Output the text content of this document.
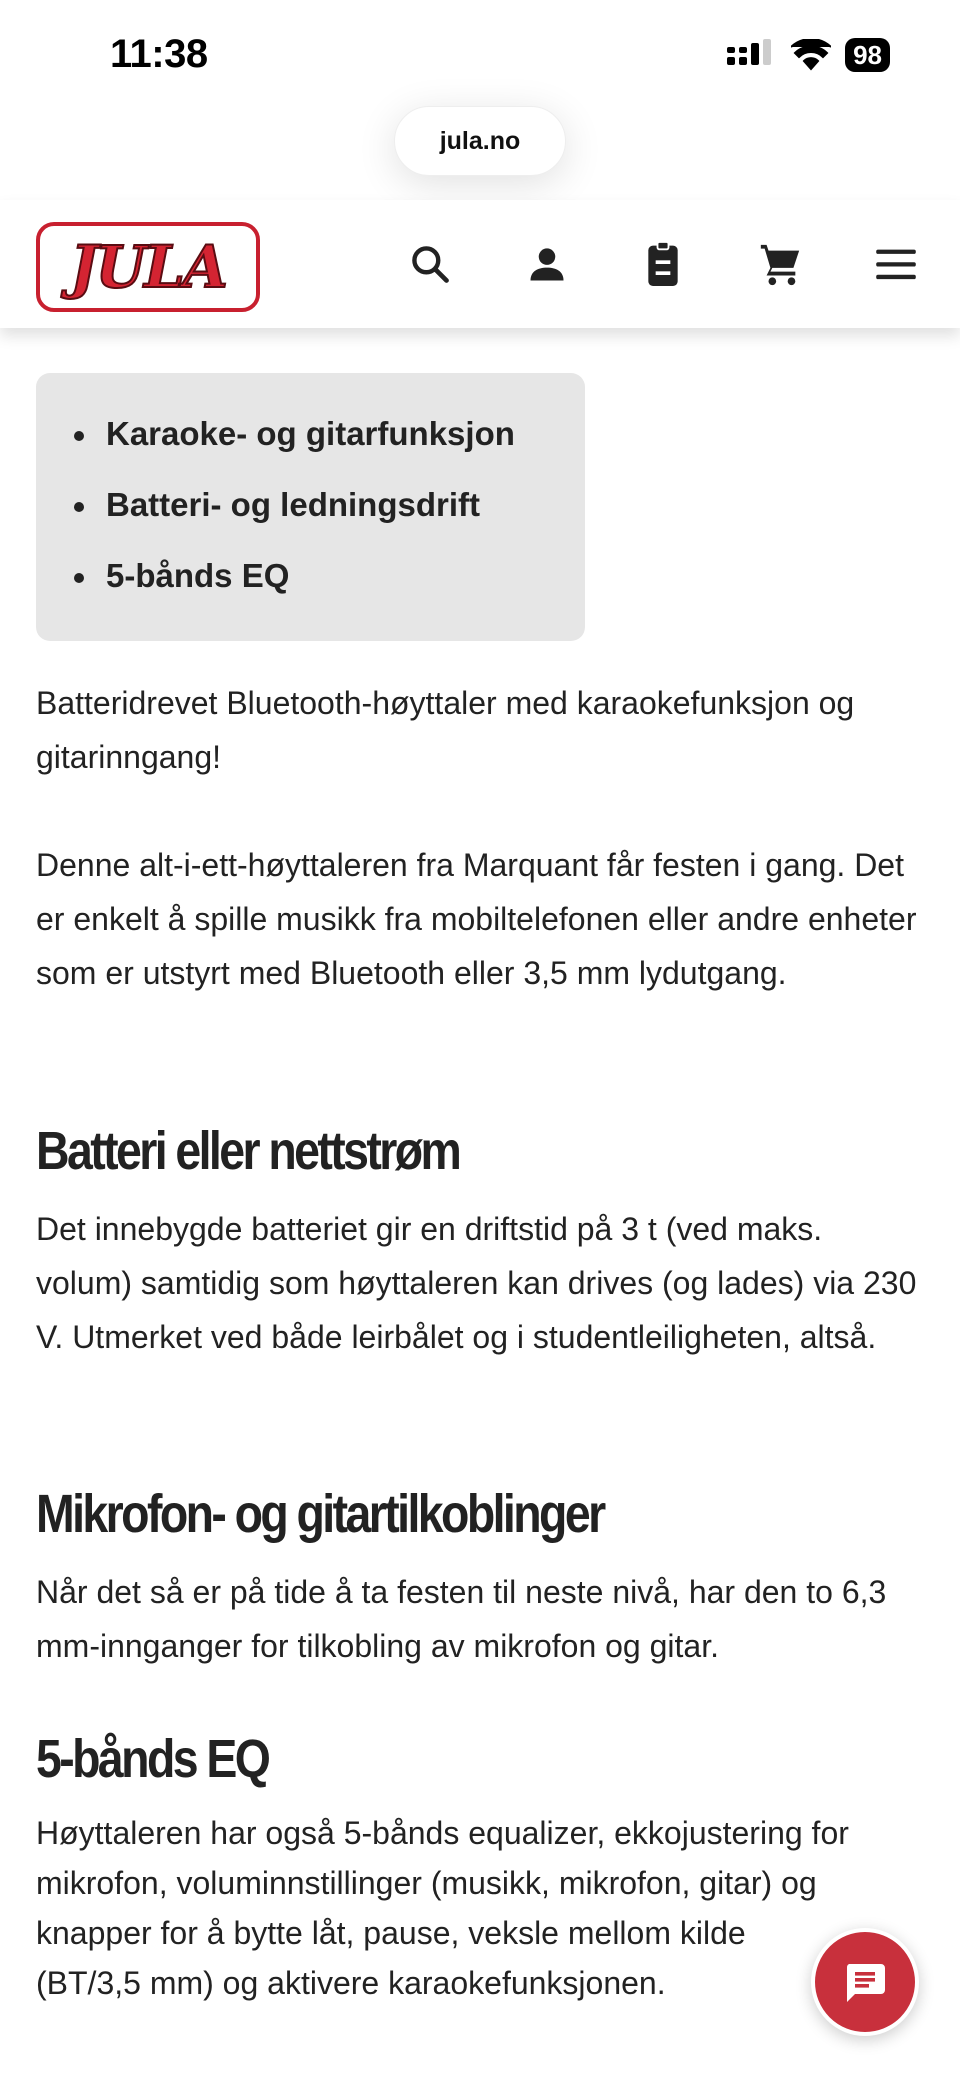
11:38	98
jula.no
JULA
Karaoke- og gitarfunksjon
Batteri- og ledningsdrift
5-bånds EQ

Batteridrevet Bluetooth-høyttaler med karaokefunksjon og gitarinngang!

Denne alt-i-ett-høyttaleren fra Marquant får festen i gang. Det er enkelt å spille musikk fra mobiltelefonen eller andre enheter som er utstyrt med Bluetooth eller 3,5 mm lydutgang.

Batteri eller nettstrøm

Det innebygde batteriet gir en driftstid på 3 t (ved maks. volum) samtidig som høyttaleren kan drives (og lades) via 230 V. Utmerket ved både leirbålet og i studentleiligheten, altså.

Mikrofon- og gitartilkoblinger

Når det så er på tide å ta festen til neste nivå, har den to 6,3 mm-innganger for tilkobling av mikrofon og gitar.

5-bånds EQ
Høyttaleren har også 5-bånds equalizer, ekkojustering for mikrofon, voluminnstillinger (musikk, mikrofon, gitar) og knapper for å bytte låt, pause, veksle mellom kilde (BT/3,5 mm) og aktivere karaokefunksjonen.
